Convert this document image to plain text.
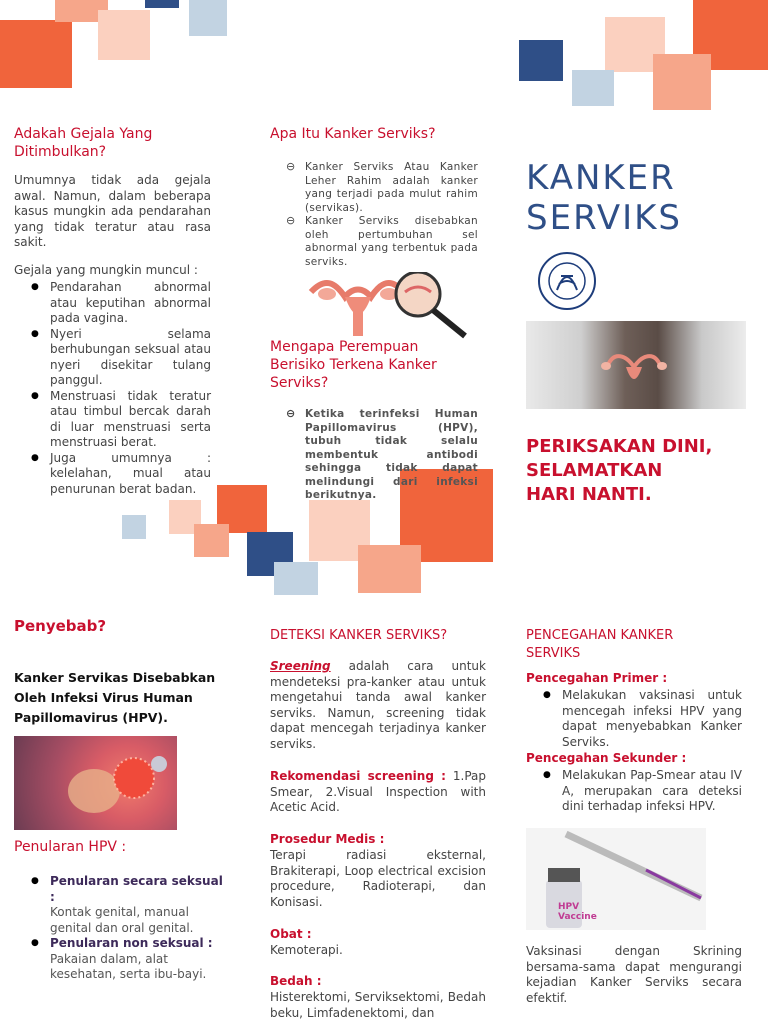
Adakah Gejala Yang Ditimbulkan?
Umumnya tidak ada gejala awal. Namun, dalam beberapa kasus mungkin ada pendarahan yang tidak teratur atau rasa sakit.
Gejala yang mungkin muncul :
● Pendarahan abnormal atau keputihan abnormal pada vagina.
● Nyeri selama berhubungan seksual atau nyeri disekitar tulang panggul.
● Menstruasi tidak teratur atau timbul bercak darah di luar menstruasi serta menstruasi berat.
● Juga umumnya : kelelahan, mual atau penurunan berat badan.
Apa Itu Kanker Serviks?
⊖ Kanker Serviks Atau Kanker Leher Rahim adalah kanker yang terjadi pada mulut rahim (servikas).
⊖ Kanker Serviks disebabkan oleh pertumbuhan sel abnormal yang terbentuk pada serviks.
Mengapa Perempuan Berisiko Terkena Kanker Serviks?
⊖ Ketika terinfeksi Human Papillomavirus (HPV), tubuh tidak selalu membentuk antibodi sehingga tidak dapat melindungi dari infeksi berikutnya.
KANKER
SERVIKS
PERIKSAKAN DINI, SELAMATKAN HARI NANTI.
Penyebab?
Kanker Servikas Disebabkan Oleh Infeksi Virus Human Papillomavirus (HPV).
Penularan HPV :
● Penularan secara seksual :
Kontak genital, manual genital dan oral genital.
● Penularan non seksual :
Pakaian dalam, alat kesehatan, serta ibu-bayi.
DETEKSI KANKER SERVIKS?
Sreening adalah cara untuk mendeteksi pra-kanker atau untuk mengetahui tanda awal kanker serviks. Namun, screening tidak dapat mencegah terjadinya kanker serviks.
Rekomendasi screening : 1.Pap Smear, 2.Visual Inspection with Acetic Acid.
Prosedur Medis :
Terapi radiasi eksternal, Brakiterapi, Loop electrical excision procedure, Radioterapi, dan Konisasi.
Obat :
Kemoterapi.
Bedah :
Histerektomi, Serviksektomi, Bedah beku, Limfadenektomi, dan
PENCEGAHAN KANKER SERVIKS
Pencegahan Primer :
● Melakukan vaksinasi untuk mencegah infeksi HPV yang dapat menyebabkan Kanker Serviks.
Pencegahan Sekunder :
● Melakukan Pap-Smear atau IV A, merupakan cara deteksi dini terhadap infeksi HPV.
HPV
Vaccine
Vaksinasi dengan Skrining bersama-sama dapat mengurangi kejadian Kanker Serviks secara efektif.
